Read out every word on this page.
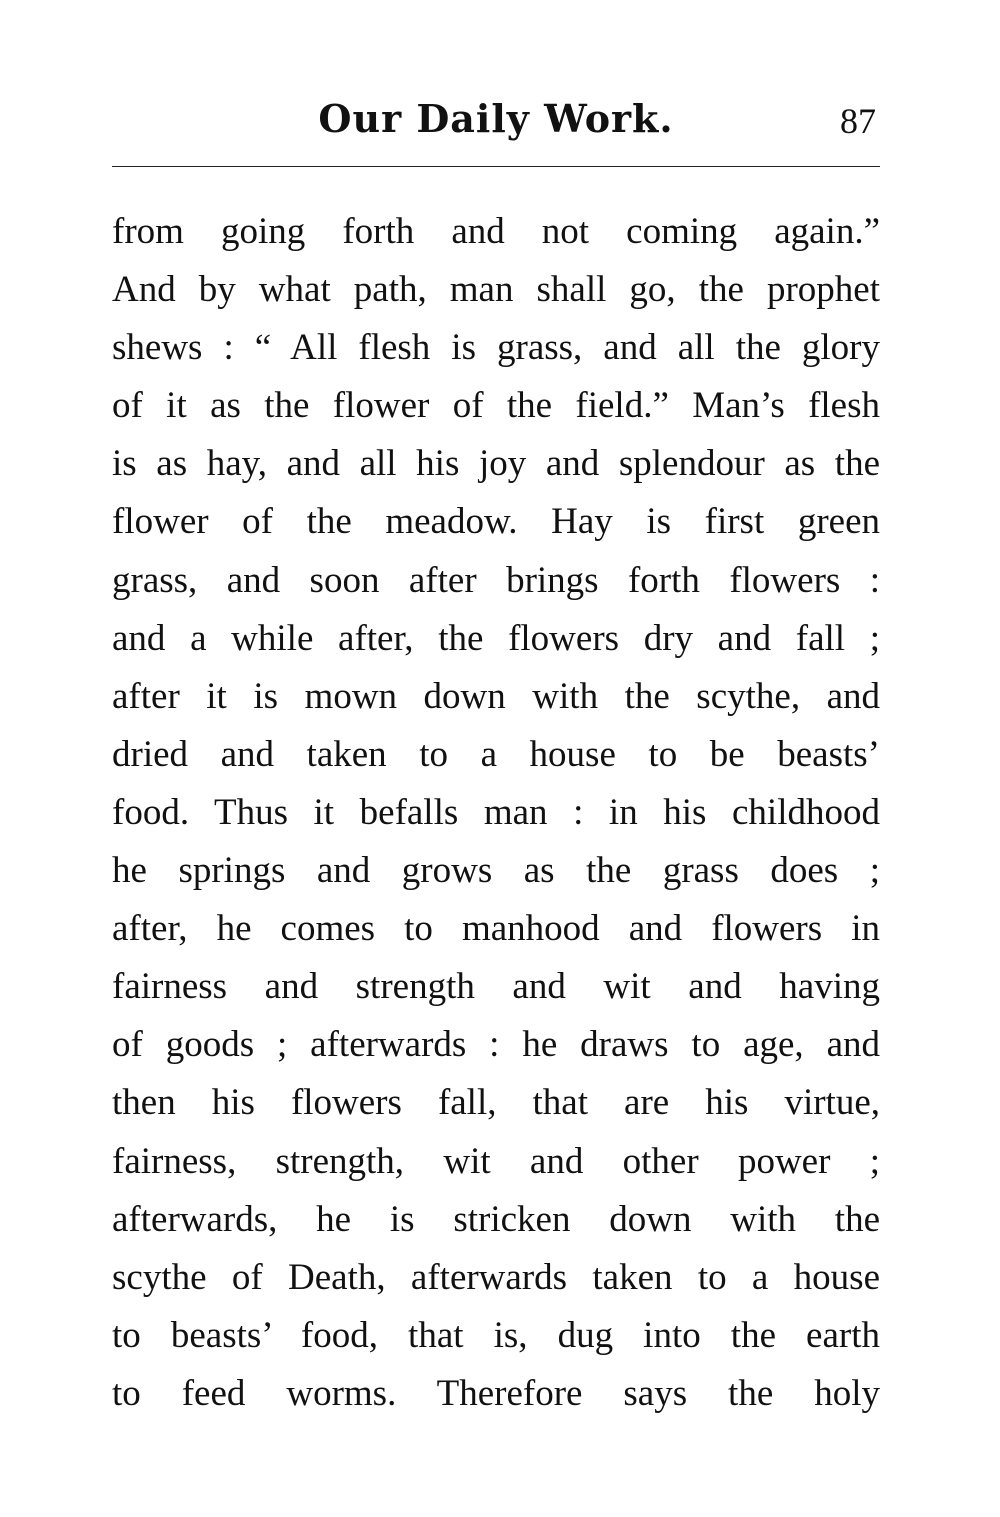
Our Daily Work.	87
from going forth and not coming again.”
And by what path, man shall go, the prophet
shews : “ All flesh is grass, and all the glory
of it as the flower of the field.” Man’s flesh
is as hay, and all his joy and splendour as the
flower of the meadow. Hay is first green
grass, and soon after brings forth flowers :
and a while after, the flowers dry and fall ;
after it is mown down with the scythe, and
dried and taken to a house to be beasts’
food. Thus it befalls man : in his childhood
he springs and grows as the grass does ;
after, he comes to manhood and flowers in
fairness and strength and wit and having
of goods ; afterwards : he draws to age, and
then his flowers fall, that are his virtue,
fairness, strength, wit and other power ;
afterwards, he is stricken down with the
scythe of Death, afterwards taken to a house
to beasts’ food, that is, dug into the earth
to feed worms. Therefore says the holy
